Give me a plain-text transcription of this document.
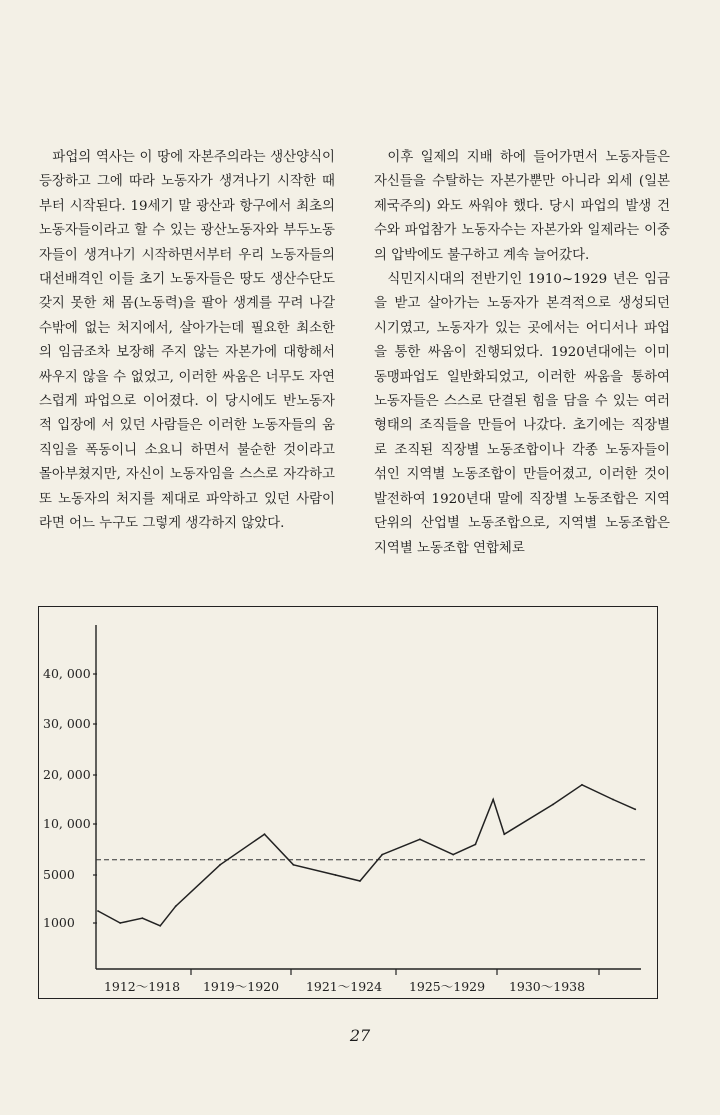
파업의 역사는 이 땅에 자본주의라는 생산양식이 등장하고 그에 따라 노동자가 생겨나기 시작한 때부터 시작된다. 19세기 말 광산과 항구에서 최초의 노동자들이라고 할 수 있는 광산노동자와 부두노동자들이 생겨나기 시작하면서부터 우리 노동자들의 대선배격인 이들 초기 노동자들은 땅도 생산수단도 갖지 못한 채 몸(노동력)을 팔아 생계를 꾸려 나갈 수밖에 없는 처지에서, 살아가는데 필요한 최소한의 임금조차 보장해 주지 않는 자본가에 대항해서 싸우지 않을 수 없었고, 이러한 싸움은 너무도 자연스럽게 파업으로 이어졌다. 이 당시에도 반노동자적 입장에 서 있던 사람들은 이러한 노동자들의 움직임을 폭동이니 소요니 하면서 불순한 것이라고 몰아부쳤지만, 자신이 노동자임을 스스로 자각하고 또 노동자의 처지를 제대로 파악하고 있던 사람이라면 어느 누구도 그렇게 생각하지 않았다.

이후 일제의 지배 하에 들어가면서 노동자들은 자신들을 수탈하는 자본가뿐만 아니라 외세 (일본제국주의) 와도 싸워야 했다. 당시 파업의 발생 건수와 파업참가 노동자수는 자본가와 일제라는 이중의 압박에도 불구하고 계속 늘어갔다.

식민지시대의 전반기인 1910~1929 년은 임금을 받고 살아가는 노동자가 본격적으로 생성되던 시기였고, 노동자가 있는 곳에서는 어디서나 파업을 통한 싸움이 진행되었다. 1920년대에는 이미 동맹파업도 일반화되었고, 이러한 싸움을 통하여 노동자들은 스스로 단결된 힘을 담을 수 있는 여러 형태의 조직들을 만들어 나갔다. 초기에는 직장별로 조직된 직장별 노동조합이나 각종 노동자들이 섞인 지역별 노동조합이 만들어졌고, 이러한 것이 발전하여 1920년대 말에 직장별 노동조합은 지역단위의 산업별 노동조합으로, 지역별 노동조합은 지역별 노동조합 연합체로

40, 000
30, 000
20, 000
10, 000
5000
1000
1912～1918 1919～1920 1921～1924 1925～1929 1930～1938
27
